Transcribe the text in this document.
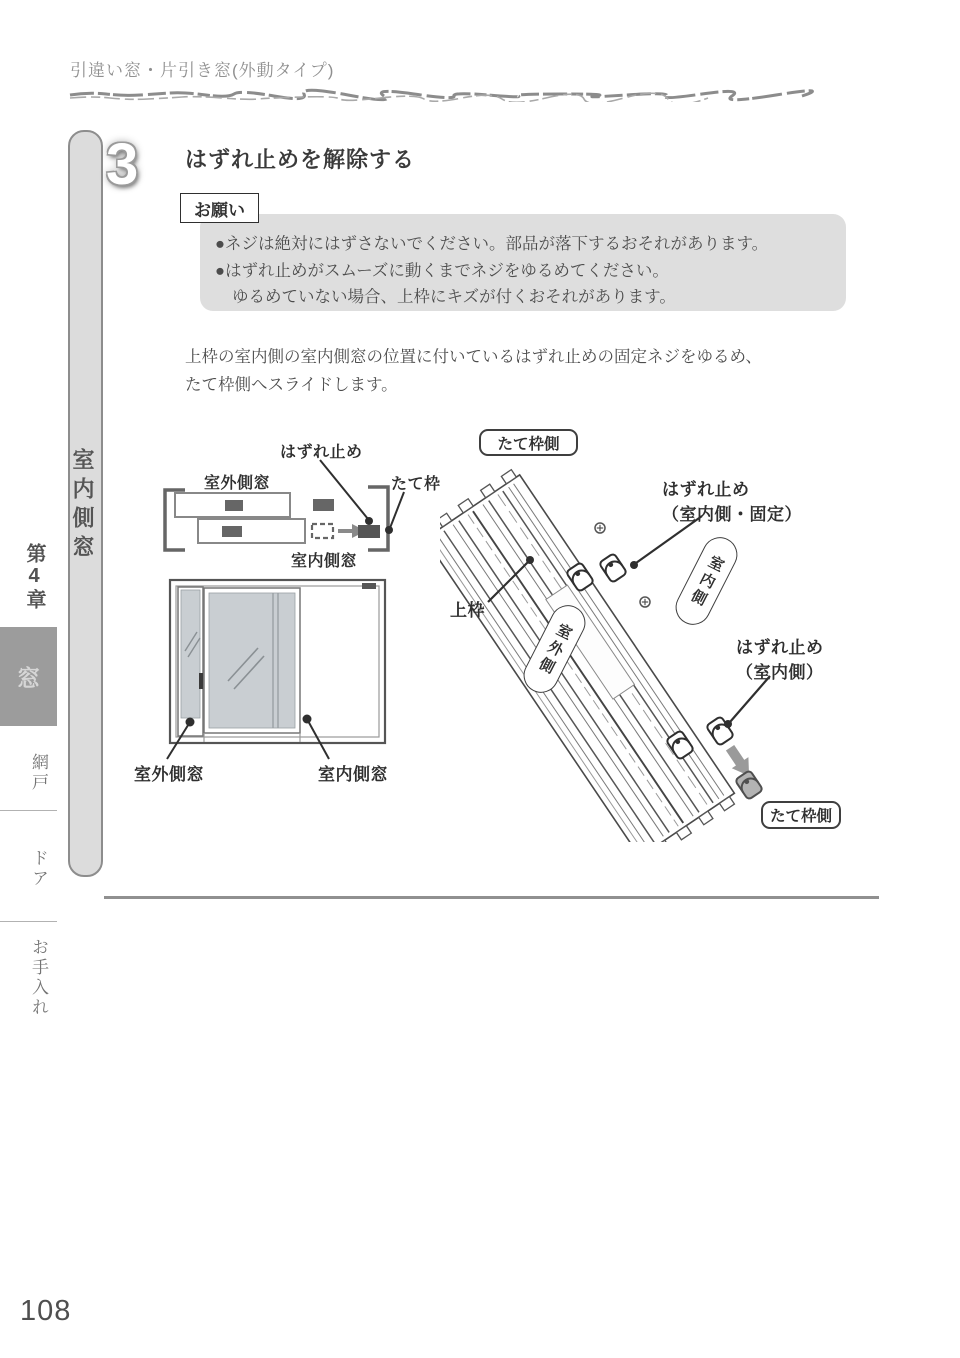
引違い窓・片引き窓(外動タイプ)
室内側窓
第4章
窓
網戸
ドア
お手入れ
108
3 はずれ止めを解除する
お願い
●ネジは絶対にはずさないでください。部品が落下するおそれがあります。
●はずれ止めがスムーズに動くまでネジをゆるめてください。
ゆるめていない場合、上枠にキズが付くおそれがあります。
上枠の室内側の室内側窓の位置に付いているはずれ止めの固定ネジをゆるめ、
たて枠側へスライドします。
はずれ止め
室外側窓	たて枠
室内側窓
室外側窓	室内側窓
たて枠側
たて枠側
上枠
はずれ止め
（室内側・固定）
はずれ止め
（室内側）
室内側
室外側
